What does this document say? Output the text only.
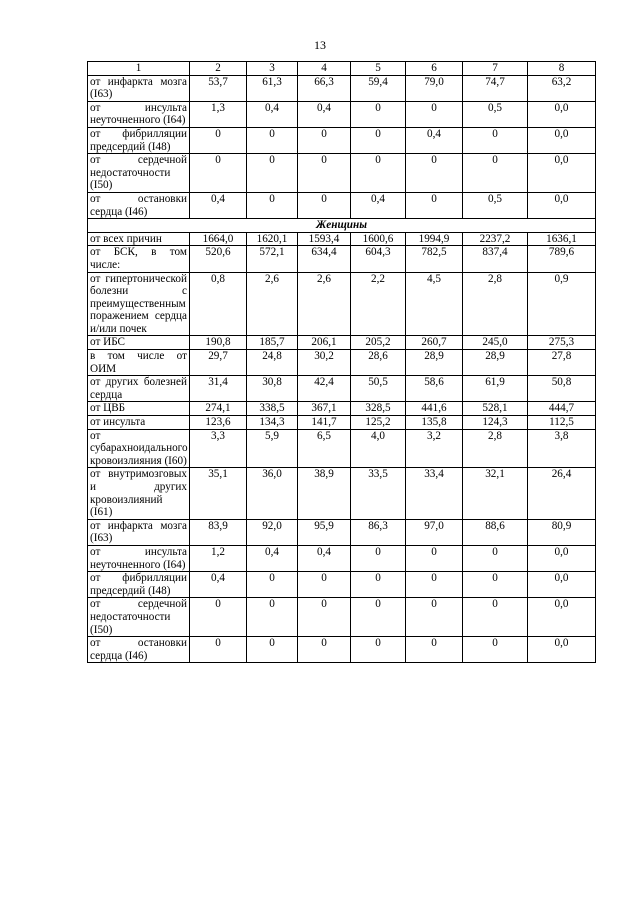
13
1	2	3	4	5	6	7	8
от инфаркта мозга (I63)	53,7	61,3	66,3	59,4	79,0	74,7	63,2
от инсульта неуточненного (I64)	1,3	0,4	0,4	0	0	0,5	0,0
от фибрилляции предсердий (I48)	0	0	0	0	0,4	0	0,0
от сердечной недостаточности (I50)	0	0	0	0	0	0	0,0
от остановки сердца (I46)	0,4	0	0	0,4	0	0,5	0,0
Женщины							
от всех причин	1664,0	1620,1	1593,4	1600,6	1994,9	2237,2	1636,1
от БСК, в том числе:	520,6	572,1	634,4	604,3	782,5	837,4	789,6
от гипертонической болезни с преимущественным поражением сердца и/или почек	0,8	2,6	2,6	2,2	4,5	2,8	0,9
от ИБС	190,8	185,7	206,1	205,2	260,7	245,0	275,3
в том числе от ОИМ	29,7	24,8	30,2	28,6	28,9	28,9	27,8
от других болезней сердца	31,4	30,8	42,4	50,5	58,6	61,9	50,8
от ЦВБ	274,1	338,5	367,1	328,5	441,6	528,1	444,7
от инсульта	123,6	134,3	141,7	125,2	135,8	124,3	112,5
от субарахноидального кровоизлияния (I60)	3,3	5,9	6,5	4,0	3,2	2,8	3,8
от внутримозговых и других кровоизлияний (I61)	35,1	36,0	38,9	33,5	33,4	32,1	26,4
от инфаркта мозга (I63)	83,9	92,0	95,9	86,3	97,0	88,6	80,9
от инсульта неуточненного (I64)	1,2	0,4	0,4	0	0	0	0,0
от фибрилляции предсердий (I48)	0,4	0	0	0	0	0	0,0
от сердечной недостаточности (I50)	0	0	0	0	0	0	0,0
от остановки сердца (I46)	0	0	0	0	0	0	0,0
